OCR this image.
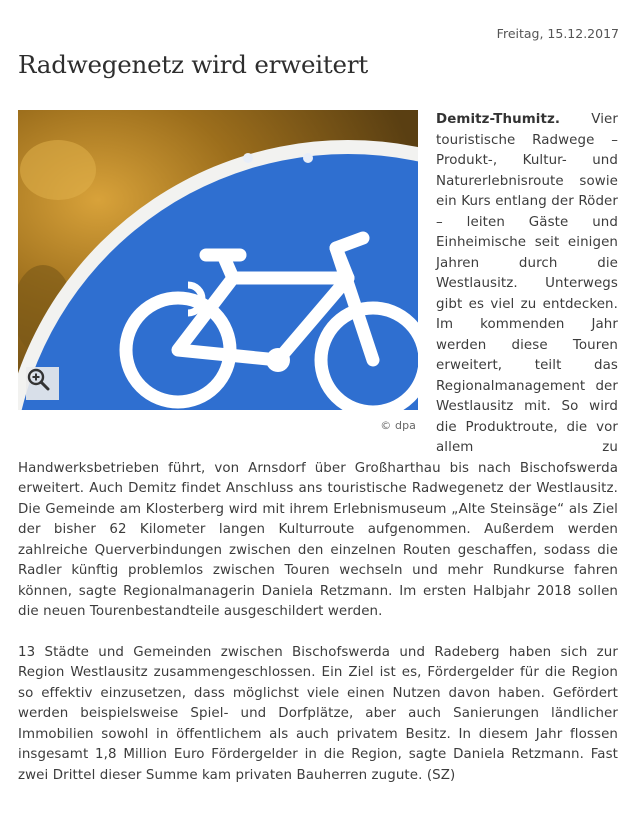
Freitag, 15.12.2017
Radwegenetz wird erweitert
© dpa

Demitz-Thumitz. Vier touristische Radwege – Produkt-, Kultur- und Naturerlebnisroute sowie ein Kurs entlang der Röder – leiten Gäste und Einheimische seit einigen Jahren durch die Westlausitz. Unterwegs gibt es viel zu entdecken. Im kommenden Jahr werden diese Touren erweitert, teilt das Regionalmanagement der Westlausitz mit. So wird die Produktroute, die vor allem zu Handwerksbetrieben führt, von Arnsdorf über Großharthau bis nach Bischofswerda erweitert. Auch Demitz findet Anschluss ans touristische Radwegenetz der Westlausitz. Die Gemeinde am Klosterberg wird mit ihrem Erlebnismuseum „Alte Steinsäge“ als Ziel der bisher 62 Kilometer langen Kulturroute aufgenommen. Außerdem werden zahlreiche Querverbindungen zwischen den einzelnen Routen geschaffen, sodass die Radler künftig problemlos zwischen Touren wechseln und mehr Rundkurse fahren können, sagte Regionalmanagerin Daniela Retzmann. Im ersten Halbjahr 2018 sollen die neuen Tourenbestandteile ausgeschildert werden.

13 Städte und Gemeinden zwischen Bischofswerda und Radeberg haben sich zur Region Westlausitz zusammengeschlossen. Ein Ziel ist es, Fördergelder für die Region so effektiv einzusetzen, dass möglichst viele einen Nutzen davon haben. Gefördert werden beispielsweise Spiel- und Dorfplätze, aber auch Sanierungen ländlicher Immobilien sowohl in öffentlichem als auch privatem Besitz. In diesem Jahr flossen insgesamt 1,8 Million Euro Fördergelder in die Region, sagte Daniela Retzmann. Fast zwei Drittel dieser Summe kam privaten Bauherren zugute. (SZ)
